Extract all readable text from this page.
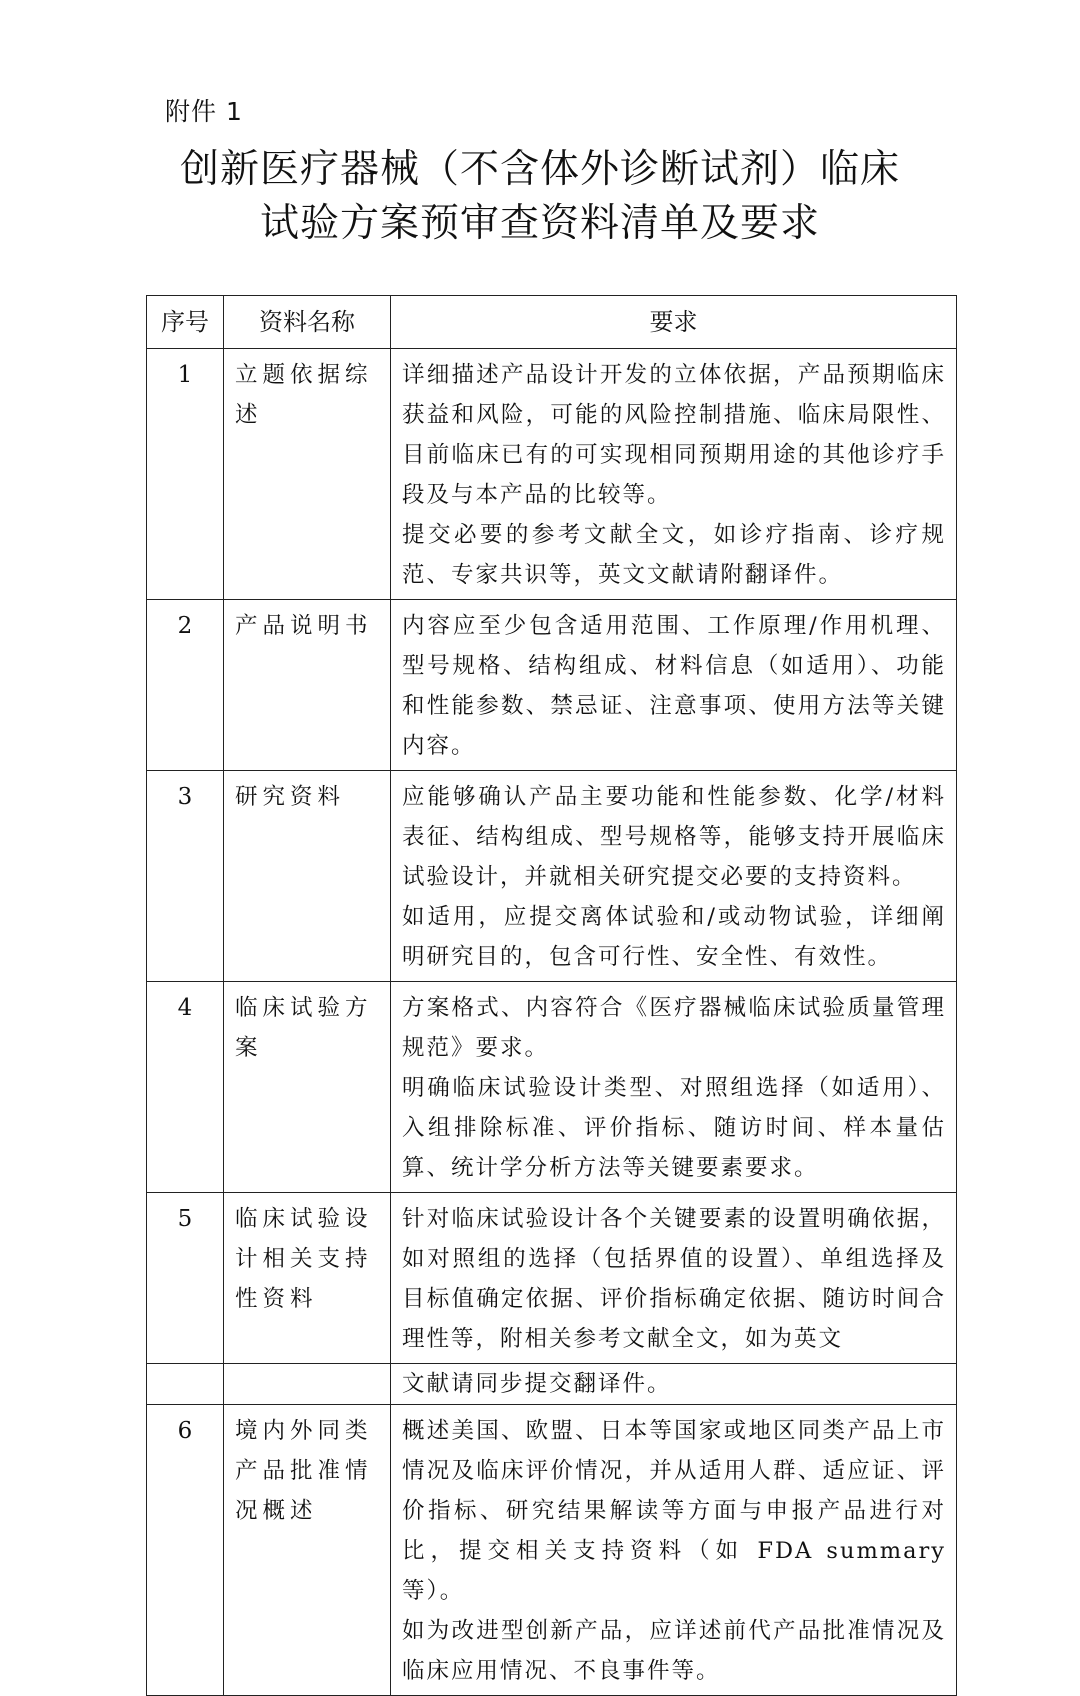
附件 1
创新医疗器械（不含体外诊断试剂）临床
试验方案预审查资料清单及要求
序号	资料名称	要求
1	立题依据综述	详细描述产品设计开发的立体依据，产品预期临床获益和风险，可能的风险控制措施、临床局限性、目前临床已有的可实现相同预期用途的其他诊疗手段及与本产品的比较等。
提交必要的参考文献全文，如诊疗指南、诊疗规范、专家共识等，英文文献请附翻译件。

2	产品说明书	内容应至少包含适用范围、工作原理/作用机理、型号规格、结构组成、材料信息（如适用）、功能和性能参数、禁忌证、注意事项、使用方法等关键内容。

3	研究资料	应能够确认产品主要功能和性能参数、化学/材料表征、结构组成、型号规格等，能够支持开展临床试验设计，并就相关研究提交必要的支持资料。
如适用，应提交离体试验和/或动物试验，详细阐明研究目的，包含可行性、安全性、有效性。

4	临床试验方案	方案格式、内容符合《医疗器械临床试验质量管理规范》要求。
明确临床试验设计类型、对照组选择（如适用）、入组排除标准、评价指标、随访时间、样本量估算、统计学分析方法等关键要素要求。

5	临床试验设计相关支持性资料	针对临床试验设计各个关键要素的设置明确依据，如对照组的选择（包括界值的设置）、单组选择及目标值确定依据、评价指标确定依据、随访时间合理性等，附相关参考文献全文，如为英文

		文献请同步提交翻译件。

6	境内外同类产品批准情况概述	概述美国、欧盟、日本等国家或地区同类产品上市情况及临床评价情况，并从适用人群、适应证、评价指标、研究结果解读等方面与申报产品进行对比，提交相关支持资料（如 FDA summary 等）。
如为改进型创新产品，应详述前代产品批准情况及临床应用情况、不良事件等。
